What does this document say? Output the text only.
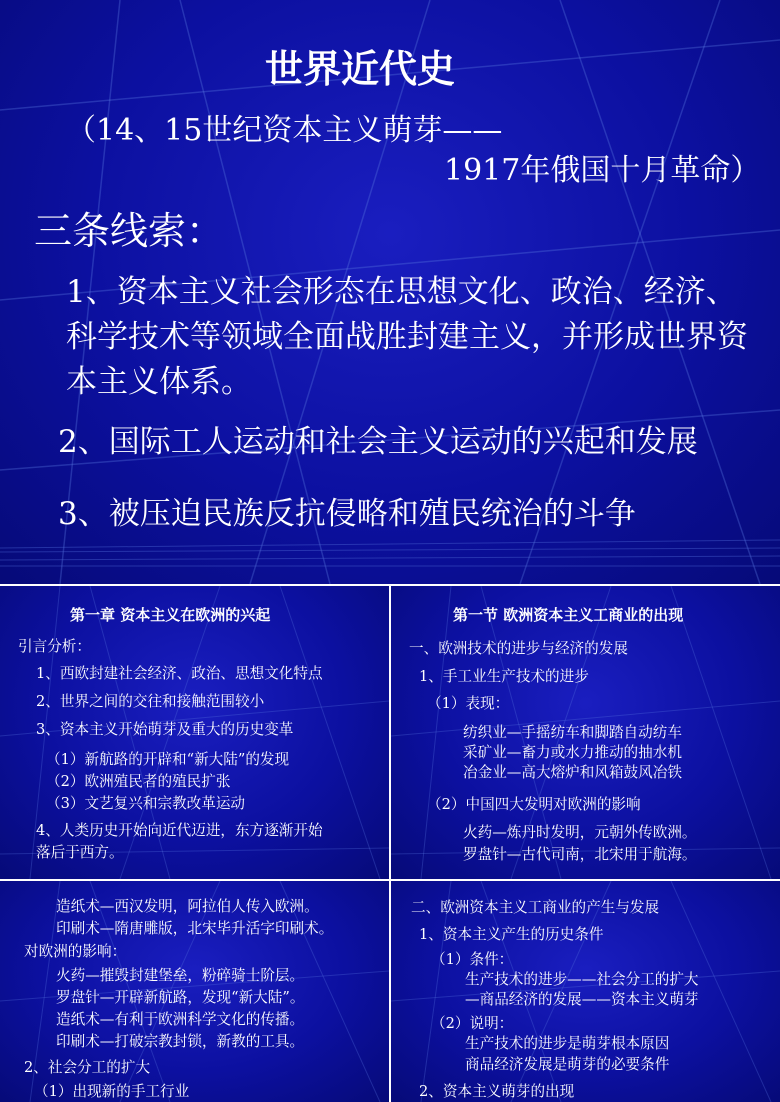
世界近代史
（14、15世纪资本主义萌芽——
1917年俄国十月革命）
三条线索：
1、资本主义社会形态在思想文化、政治、经济、科学技术等领域全面战胜封建主义，并形成世界资本主义体系。
2、国际工人运动和社会主义运动的兴起和发展
3、被压迫民族反抗侵略和殖民统治的斗争
第一章 资本主义在欧洲的兴起
引言分析：
1、西欧封建社会经济、政治、思想文化特点
2、世界之间的交往和接触范围较小
3、资本主义开始萌芽及重大的历史变革
（1）新航路的开辟和“新大陆”的发现
（2）欧洲殖民者的殖民扩张
（3）文艺复兴和宗教改革运动
4、人类历史开始向近代迈进，东方逐渐开始
落后于西方。
第一节 欧洲资本主义工商业的出现
一、欧洲技术的进步与经济的发展
1、手工业生产技术的进步
（1）表现：
纺织业—手摇纺车和脚踏自动纺车
采矿业—畜力或水力推动的抽水机
冶金业—高大熔炉和风箱鼓风冶铁
（2）中国四大发明对欧洲的影响
火药—炼丹时发明，元朝外传欧洲。
罗盘针—古代司南，北宋用于航海。
造纸术—西汉发明，阿拉伯人传入欧洲。
印刷术—隋唐雕版，北宋毕升活字印刷术。
对欧洲的影响：
火药—摧毁封建堡垒，粉碎骑士阶层。
罗盘针—开辟新航路，发现“新大陆”。
造纸术—有利于欧洲科学文化的传播。
印刷术—打破宗教封锁，新教的工具。
2、社会分工的扩大
（1）出现新的手工行业
二、欧洲资本主义工商业的产生与发展
1、资本主义产生的历史条件
（1）条件：
生产技术的进步——社会分工的扩大
—商品经济的发展——资本主义萌芽
（2）说明：
生产技术的进步是萌芽根本原因
商品经济发展是萌芽的必要条件
2、资本主义萌芽的出现
